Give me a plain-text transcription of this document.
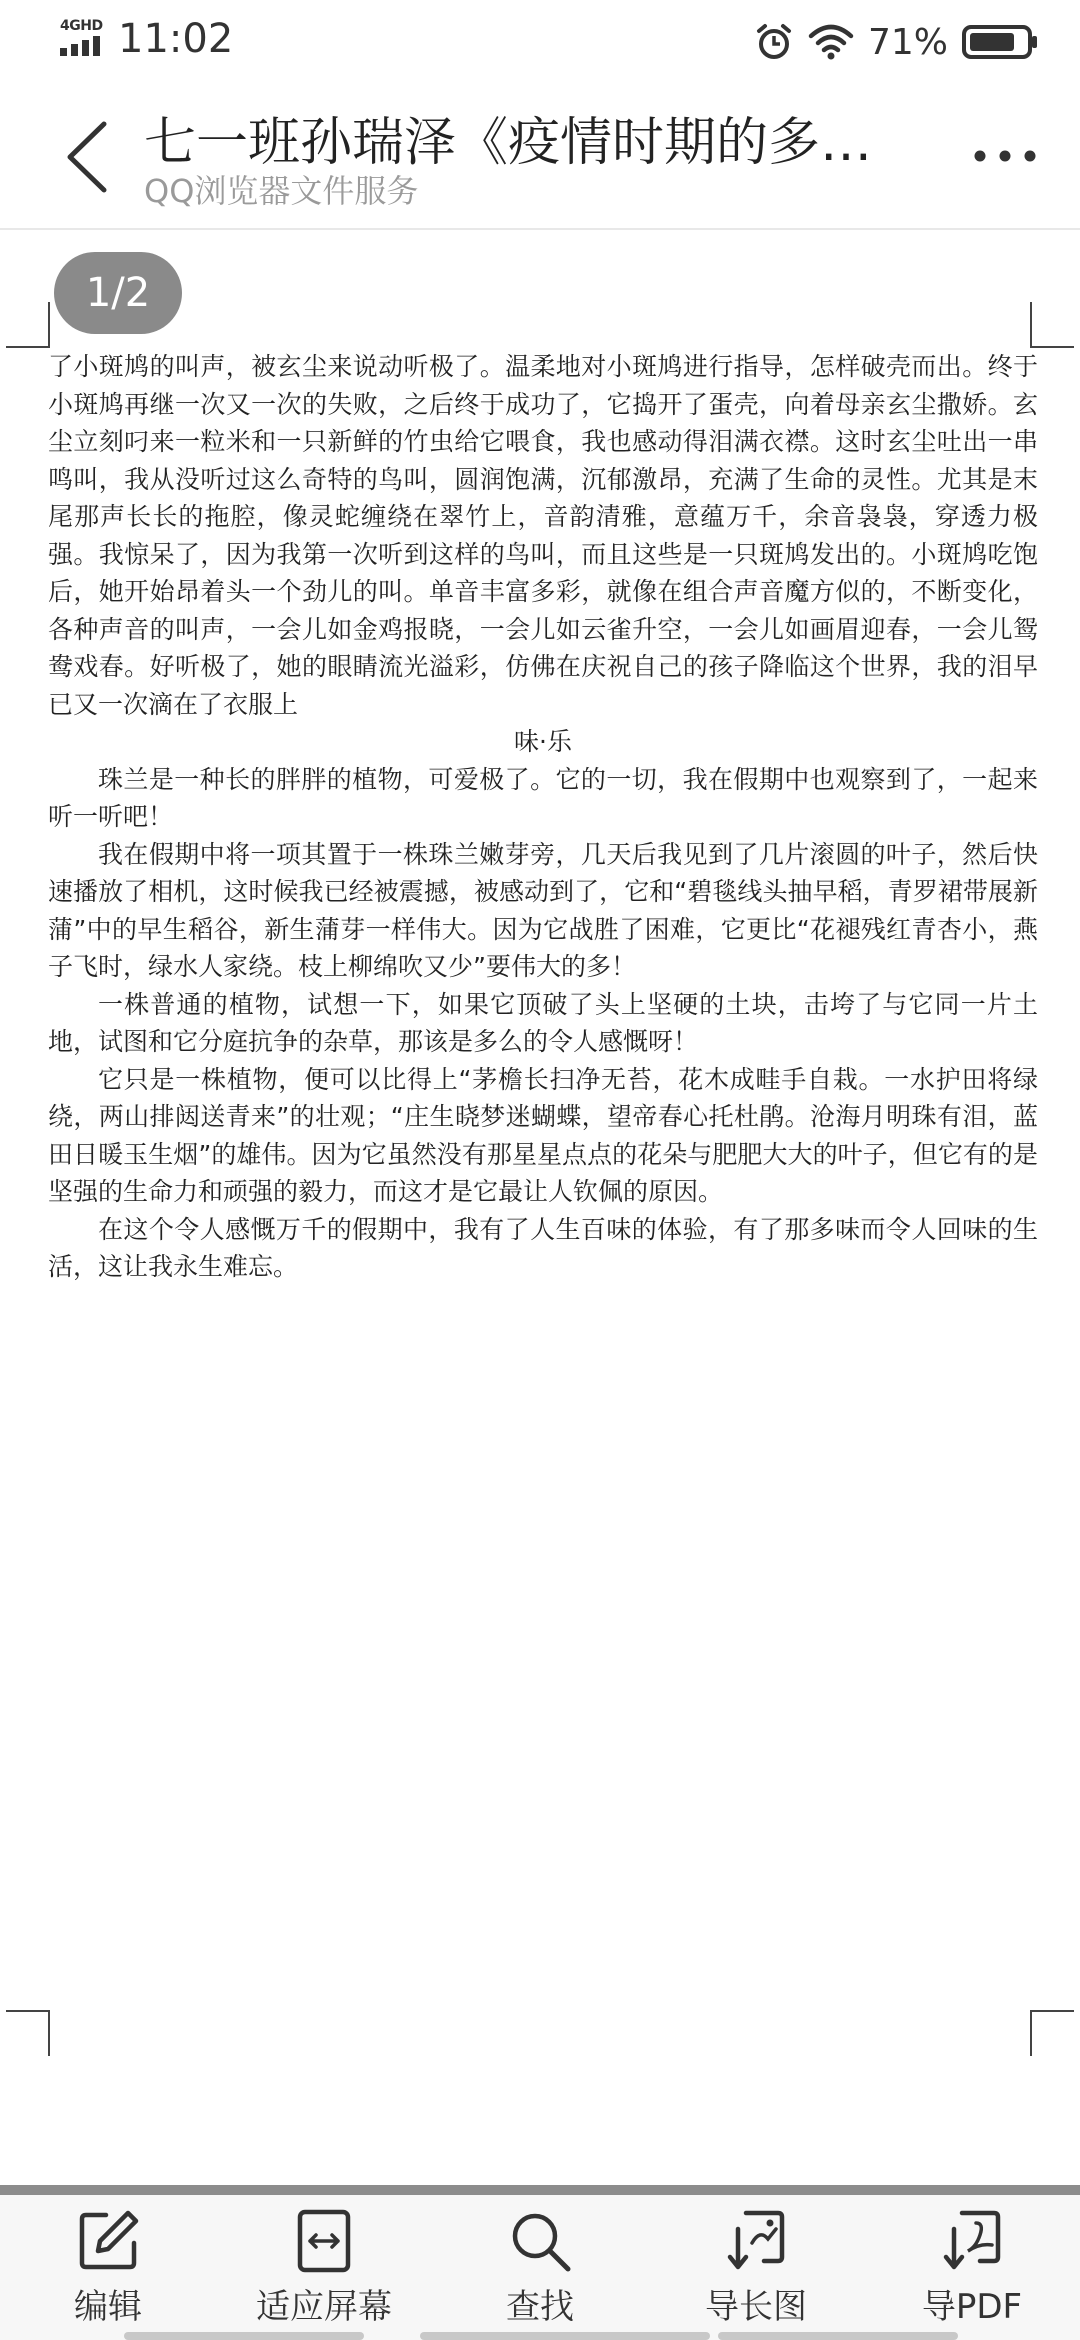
4GHD 11:02	71%
七一班孙瑞泽《疫情时期的多…
QQ浏览器文件服务
1/2

了小斑鸠的叫声，被玄尘来说动听极了。温柔地对小斑鸠进行指导，怎样破壳而出。终于小斑鸠再继一次又一次的失败，之后终于成功了，它捣开了蛋壳，向着母亲玄尘撒娇。玄尘立刻叼来一粒米和一只新鲜的竹虫给它喂食，我也感动得泪满衣襟。这时玄尘吐出一串鸣叫，我从没听过这么奇特的鸟叫，圆润饱满，沉郁激昂，充满了生命的灵性。尤其是末尾那声长长的拖腔，像灵蛇缠绕在翠竹上，音韵清雅，意蕴万千，余音袅袅，穿透力极强。我惊呆了，因为我第一次听到这样的鸟叫，而且这些是一只斑鸠发出的。小斑鸠吃饱后，她开始昂着头一个劲儿的叫。单音丰富多彩，就像在组合声音魔方似的，不断变化，各种声音的叫声，一会儿如金鸡报晓，一会儿如云雀升空，一会儿如画眉迎春，一会儿鸳鸯戏春。好听极了，她的眼睛流光溢彩，仿佛在庆祝自己的孩子降临这个世界，我的泪早已又一次滴在了衣服上

味·乐

珠兰是一种长的胖胖的植物，可爱极了。它的一切，我在假期中也观察到了，一起来听一听吧！

我在假期中将一项其置于一株珠兰嫩芽旁，几天后我见到了几片滚圆的叶子，然后快速播放了相机，这时候我已经被震撼，被感动到了，它和“碧毯线头抽早稻，青罗裙带展新蒲”中的早生稻谷，新生蒲芽一样伟大。因为它战胜了困难，它更比“花褪残红青杏小，燕子飞时，绿水人家绕。枝上柳绵吹又少”要伟大的多！

一株普通的植物，试想一下，如果它顶破了头上坚硬的土块，击垮了与它同一片土地，试图和它分庭抗争的杂草，那该是多么的令人感慨呀！

它只是一株植物，便可以比得上“茅檐长扫净无苔，花木成畦手自栽。一水护田将绿绕，两山排闼送青来”的壮观；“庄生晓梦迷蝴蝶，望帝春心托杜鹃。沧海月明珠有泪，蓝田日暖玉生烟”的雄伟。因为它虽然没有那星星点点的花朵与肥肥大大的叶子，但它有的是坚强的生命力和顽强的毅力，而这才是它最让人钦佩的原因。

在这个令人感慨万千的假期中，我有了人生百味的体验，有了那多味而令人回味的生活，这让我永生难忘。

编辑	适应屏幕	查找	导长图	导PDF
